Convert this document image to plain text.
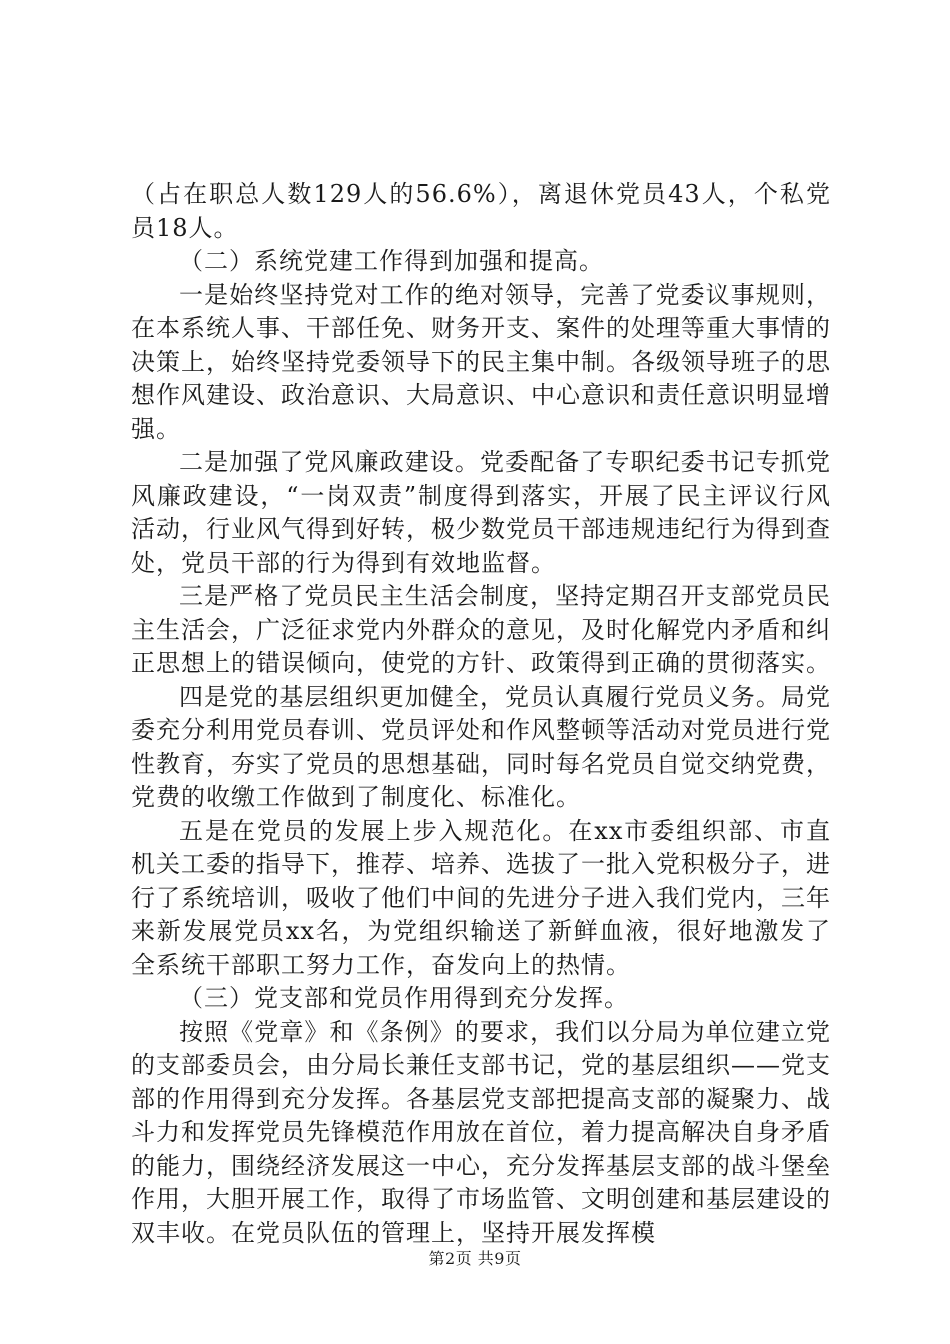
（占在职总人数129人的56.6%），离退休党员43人，个私党员18人。

（二）系统党建工作得到加强和提高。

一是始终坚持党对工作的绝对领导，完善了党委议事规则，在本系统人事、干部任免、财务开支、案件的处理等重大事情的决策上，始终坚持党委领导下的民主集中制。各级领导班子的思想作风建设、政治意识、大局意识、中心意识和责任意识明显增强。

二是加强了党风廉政建设。党委配备了专职纪委书记专抓党风廉政建设，“一岗双责”制度得到落实，开展了民主评议行风活动，行业风气得到好转，极少数党员干部违规违纪行为得到查处，党员干部的行为得到有效地监督。

三是严格了党员民主生活会制度，坚持定期召开支部党员民主生活会，广泛征求党内外群众的意见，及时化解党内矛盾和纠正思想上的错误倾向，使党的方针、政策得到正确的贯彻落实。

四是党的基层组织更加健全，党员认真履行党员义务。局党委充分利用党员春训、党员评处和作风整顿等活动对党员进行党性教育，夯实了党员的思想基础，同时每名党员自觉交纳党费，党费的收缴工作做到了制度化、标准化。

五是在党员的发展上步入规范化。在xx市委组织部、市直机关工委的指导下，推荐、培养、选拔了一批入党积极分子，进行了系统培训，吸收了他们中间的先进分子进入我们党内，三年来新发展党员xx名，为党组织输送了新鲜血液，很好地激发了全系统干部职工努力工作，奋发向上的热情。

（三）党支部和党员作用得到充分发挥。

按照《党章》和《条例》的要求，我们以分局为单位建立党的支部委员会，由分局长兼任支部书记，党的基层组织——党支部的作用得到充分发挥。各基层党支部把提高支部的凝聚力、战斗力和发挥党员先锋模范作用放在首位，着力提高解决自身矛盾的能力，围绕经济发展这一中心，充分发挥基层支部的战斗堡垒作用，大胆开展工作，取得了市场监管、文明创建和基层建设的双丰收。在党员队伍的管理上，坚持开展发挥模

第2页 共9页
